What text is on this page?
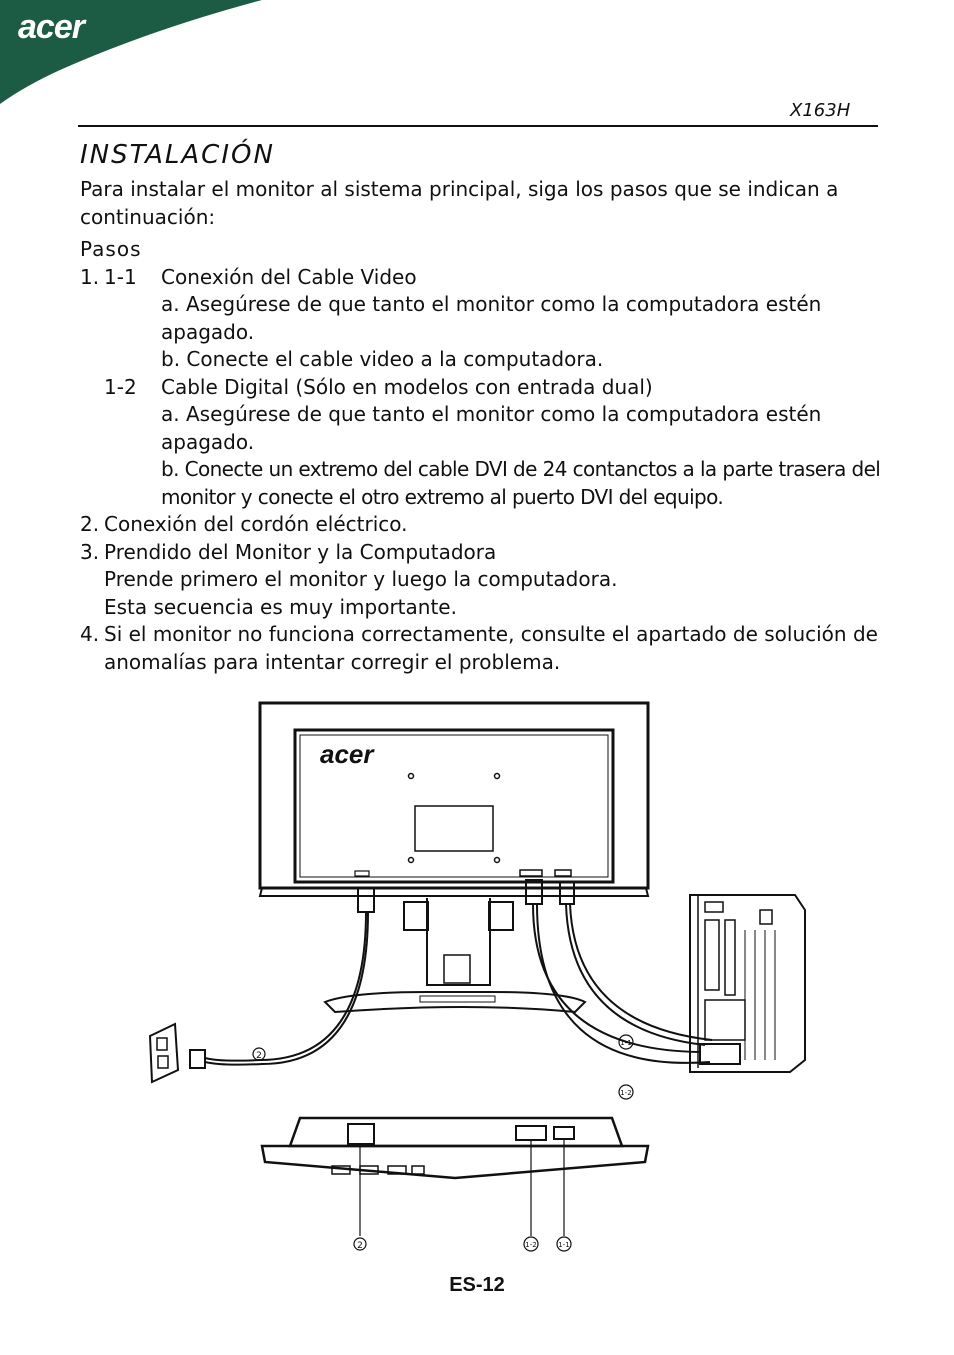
acer
X163H
INSTALACIÓN

Para instalar el monitor al sistema principal, siga los pasos que se indican a continuación:

Pasos

1. 1-1	Conexión del Cable Video

a. Asegúrese de que tanto el monitor como la computadora estén apagado.

b. Conecte el cable video a la computadora.

1-2	Cable Digital (Sólo en modelos con entrada dual)

a. Asegúrese de que tanto el monitor como la computadora estén apagado.

b. Conecte un extremo del cable DVI de 24 contanctos a la parte trasera del monitor y conecte el otro extremo al puerto DVI del equipo.

2. Conexión del cordón eléctrico.
3. Prendido del Monitor y la Computadora

Prende primero el monitor y luego la computadora.

Esta secuencia es muy importante.

4. Si el monitor no funciona correctamente, consulte el apartado de solución de anomalías para intentar corregir el problema.
acer
2
1-1
1-2
2	1-2	1-1
ES-12
